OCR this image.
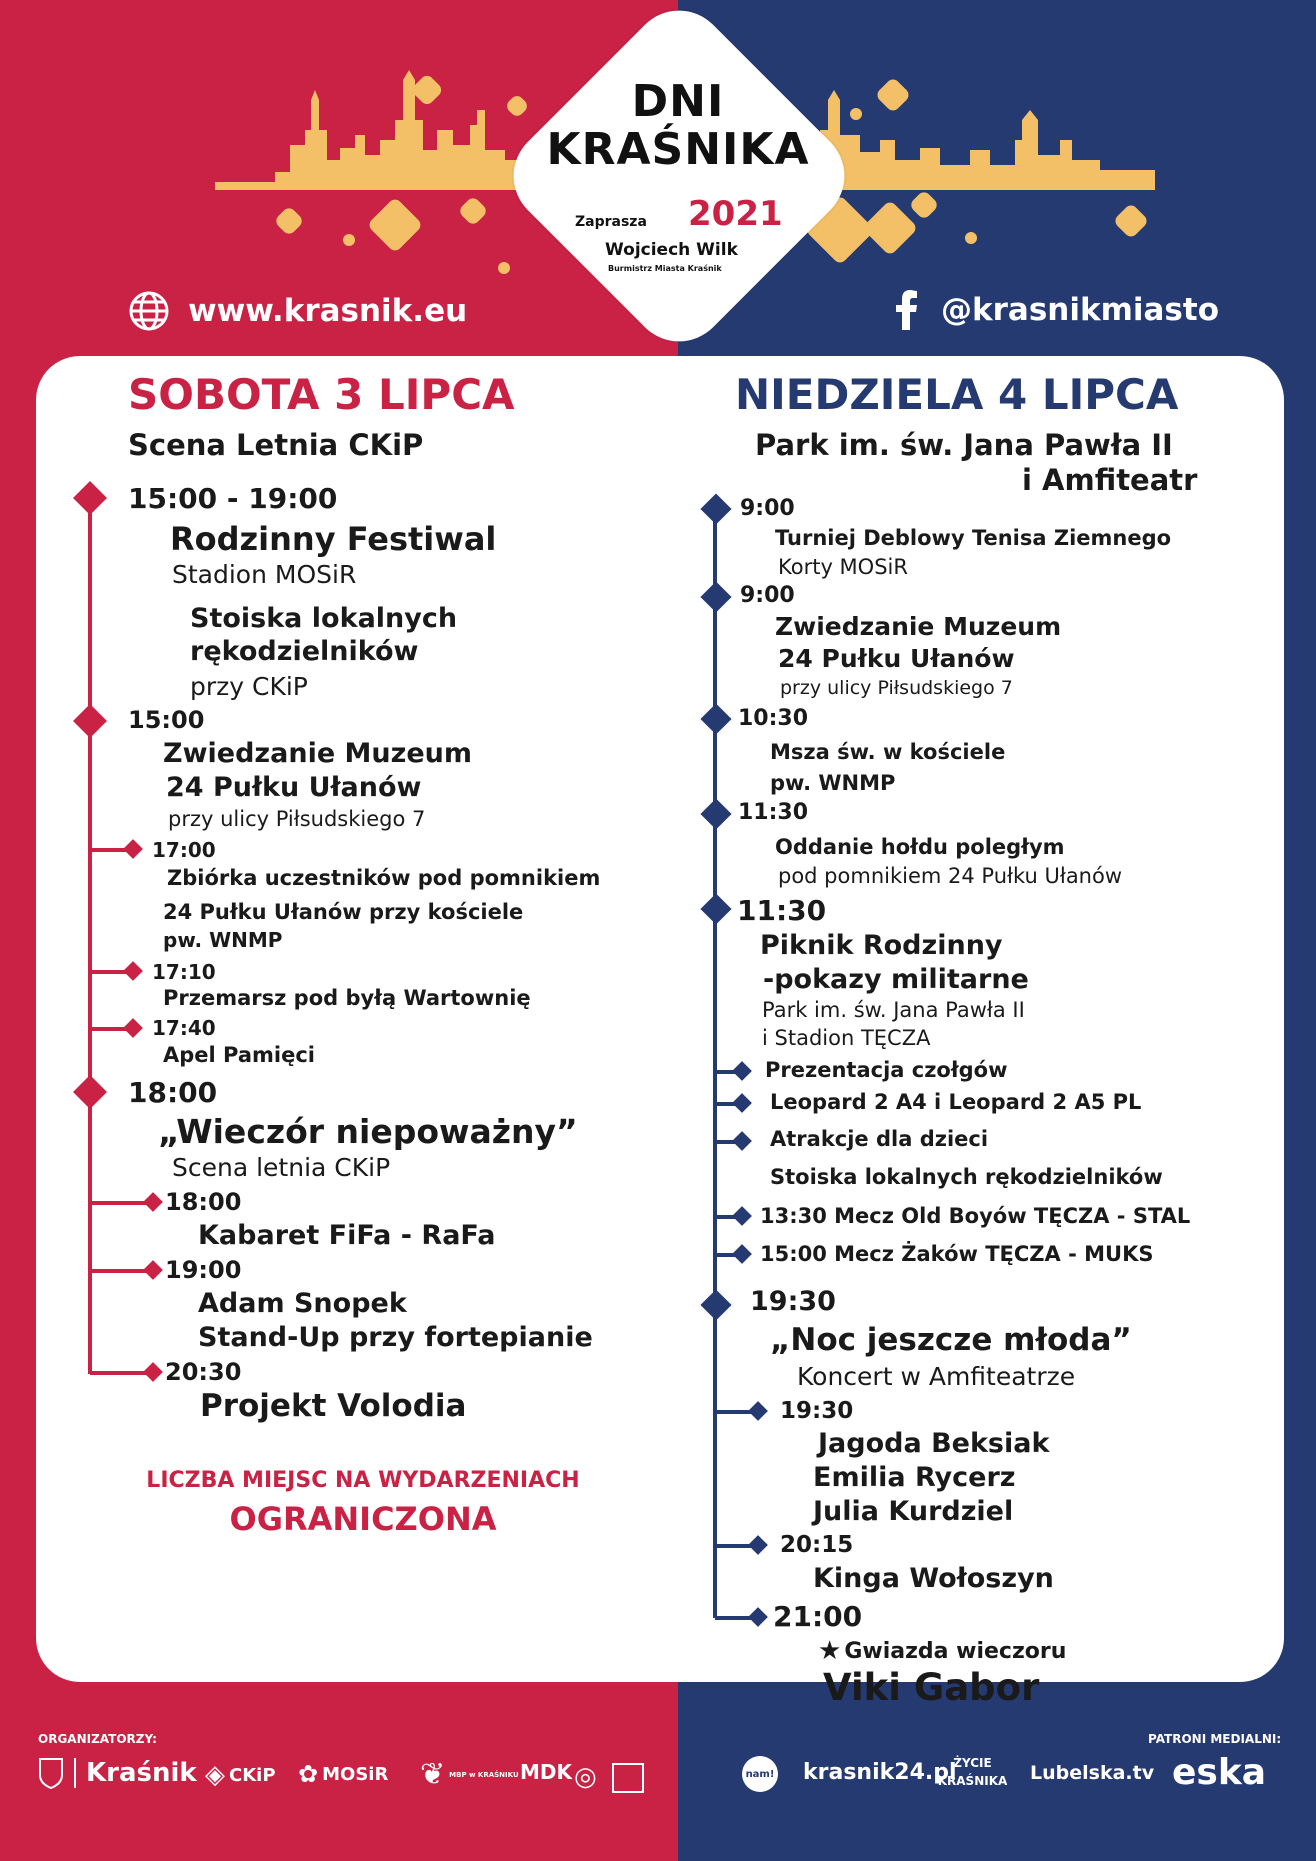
DNI
KRAŚNIKA
2021
Zaprasza
Wojciech Wilk
Burmistrz Miasta Kraśnik
www.krasnik.eu	@krasnikmiasto
SOBOTA 3 LIPCA
Scena Letnia CKiP
15:00 - 19:00
Rodzinny Festiwal
Stadion MOSiR
Stoiska lokalnych
rękodzielników
przy CKiP
15:00
Zwiedzanie Muzeum
24 Pułku Ułanów
przy ulicy Piłsudskiego 7
17:00
Zbiórka uczestników pod pomnikiem
24 Pułku Ułanów przy kościele
pw. WNMP
17:10
Przemarsz pod byłą Wartownię
17:40
Apel Pamięci
18:00
„Wieczór niepoważny”
Scena letnia CKiP
18:00
Kabaret FiFa - RaFa
19:00
Adam Snopek
Stand-Up przy fortepianie
20:30
Projekt Volodia
LICZBA MIEJSC NA WYDARZENIACH
OGRANICZONA
NIEDZIELA 4 LIPCA
Park im. św. Jana Pawła II
i Amfiteatr
9:00
Turniej Deblowy Tenisa Ziemnego
Korty MOSiR
9:00
Zwiedzanie Muzeum
24 Pułku Ułanów
przy ulicy Piłsudskiego 7
10:30
Msza św. w kościele
pw. WNMP
11:30
Oddanie hołdu poległym
pod pomnikiem 24 Pułku Ułanów
11:30
Piknik Rodzinny
-pokazy militarne
Park im. św. Jana Pawła II
i Stadion TĘCZA
Prezentacja czołgów
Leopard 2 A4 i Leopard 2 A5 PL
Atrakcje dla dzieci
Stoiska lokalnych rękodzielników
13:30 Mecz Old Boyów TĘCZA - STAL
15:00 Mecz Żaków TĘCZA - MUKS
19:30
„Noc jeszcze młoda”
Koncert w Amfiteatrze
19:30
Jagoda Beksiak
Emilia Rycerz
Julia Kurdziel
20:15
Kinga Wołoszyn
21:00
★ Gwiazda wieczoru
Viki Gabor
ORGANIZATORZY:	PATRONI MEDIALNI:
Kraśnik ◈ CKiP ✿ MOSiR ❦ MBP w KRAŚNIKU MDK ◎	nam! krasnik24.pl
ŻYCIE KRAŚNIKA Lubelska.tv eska
